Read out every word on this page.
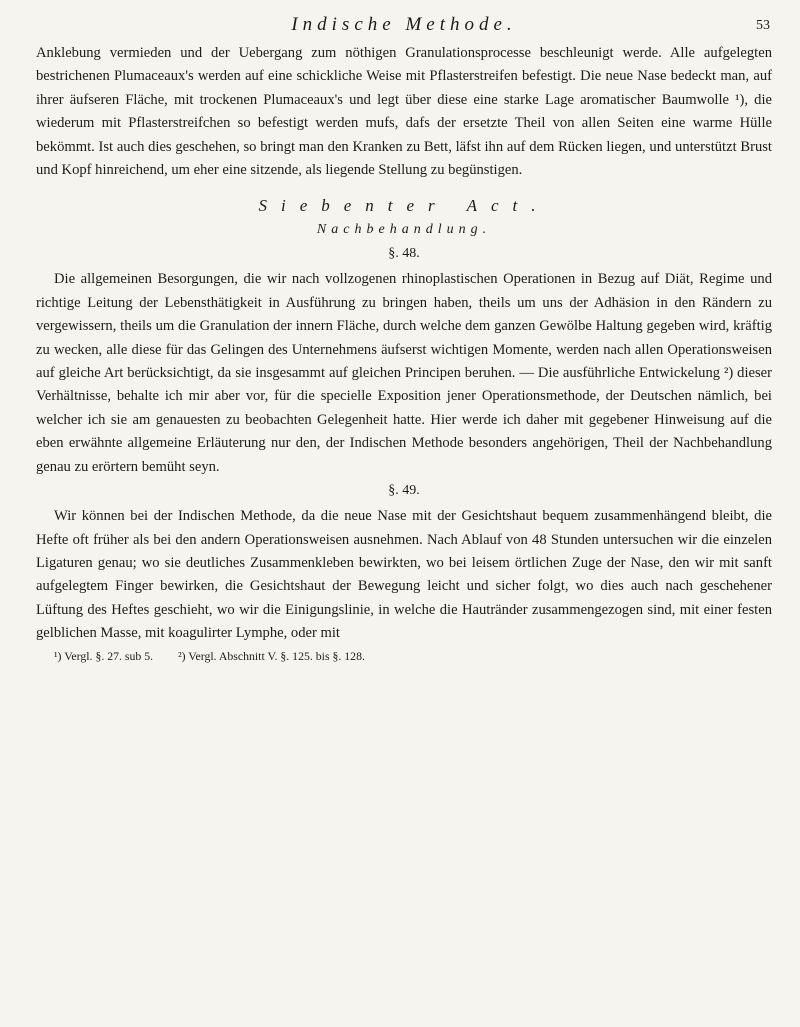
Indische Methode.	53

Anklebung vermieden und der Uebergang zum nöthigen Granulationsprocesse beschleunigt werde. Alle aufgelegten bestrichenen Plumaceaux's werden auf eine schickliche Weise mit Pflasterstreifen befestigt. Die neue Nase bedeckt man, auf ihrer äufseren Fläche, mit trockenen Plumaceaux's und legt über diese eine starke Lage aromatischer Baumwolle ¹), die wiederum mit Pflasterstreifchen so befestigt werden mufs, dafs der ersetzte Theil von allen Seiten eine warme Hülle bekömmt. Ist auch dies geschehen, so bringt man den Kranken zu Bett, läfst ihn auf dem Rücken liegen, und unterstützt Brust und Kopf hinreichend, um eher eine sitzende, als liegende Stellung zu begünstigen.

Siebenter Act.
Nachbehandlung.
§. 48.

Die allgemeinen Besorgungen, die wir nach vollzogenen rhinoplastischen Operationen in Bezug auf Diät, Regime und richtige Leitung der Lebensthätigkeit in Ausführung zu bringen haben, theils um uns der Adhäsion in den Rändern zu vergewissern, theils um die Granulation der innern Fläche, durch welche dem ganzen Gewölbe Haltung gegeben wird, kräftig zu wecken, alle diese für das Gelingen des Unternehmens äufserst wichtigen Momente, werden nach allen Operationsweisen auf gleiche Art berücksichtigt, da sie insgesammt auf gleichen Principen beruhen. — Die ausführliche Entwickelung ²) dieser Verhältnisse, behalte ich mir aber vor, für die specielle Exposition jener Operationsmethode, der Deutschen nämlich, bei welcher ich sie am genauesten zu beobachten Gelegenheit hatte. Hier werde ich daher mit gegebener Hinweisung auf die eben erwähnte allgemeine Erläuterung nur den, der Indischen Methode besonders angehörigen, Theil der Nachbehandlung genau zu erörtern bemüht seyn.

§. 49.

Wir können bei der Indischen Methode, da die neue Nase mit der Gesichtshaut bequem zusammenhängend bleibt, die Hefte oft früher als bei den andern Operationsweisen ausnehmen. Nach Ablauf von 48 Stunden untersuchen wir die einzelen Ligaturen genau; wo sie deutliches Zusammenkleben bewirkten, wo bei leisem örtlichen Zuge der Nase, den wir mit sanft aufgelegtem Finger bewirken, die Gesichtshaut der Bewegung leicht und sicher folgt, wo dies auch nach geschehener Lüftung des Heftes geschieht, wo wir die Einigungslinie, in welche die Hautränder zusammengezogen sind, mit einer festen gelblichen Masse, mit koagulirter Lymphe, oder mit

¹) Vergl. §. 27. sub 5. ²) Vergl. Abschnitt V. §. 125. bis §. 128.
